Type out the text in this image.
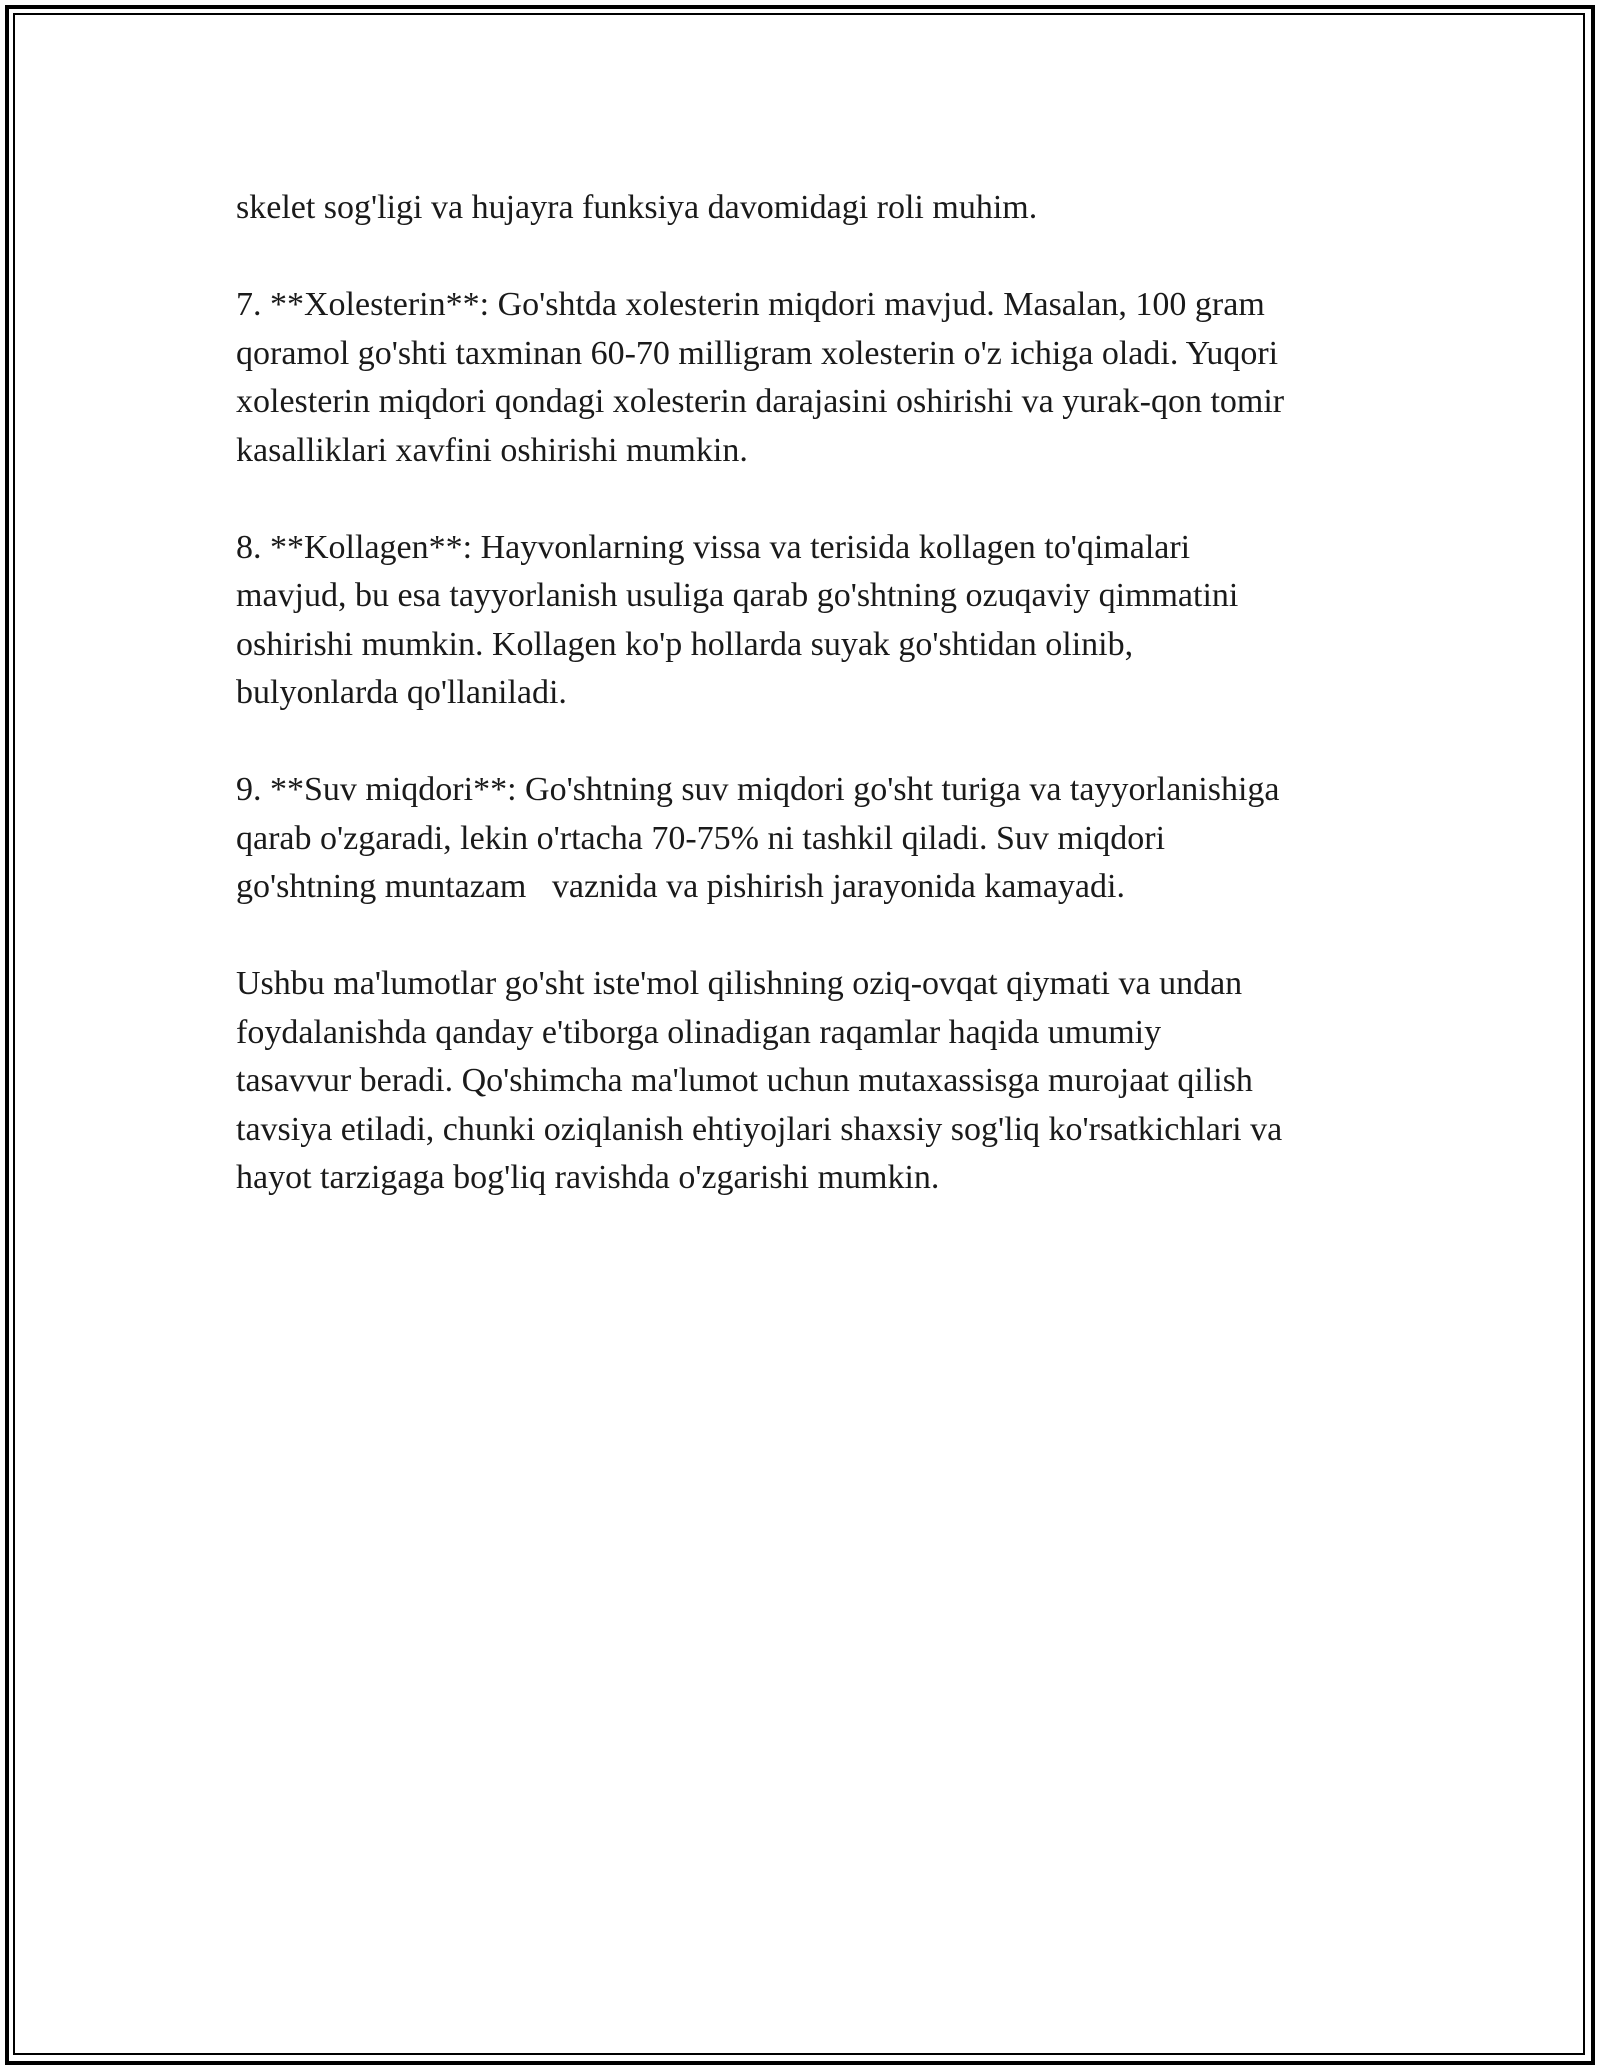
skelet sog'ligi va hujayra funksiya davomidagi roli muhim.

7. **Xolesterin**: Go'shtda xolesterin miqdori mavjud. Masalan, 100 gram
qoramol go'shti taxminan 60-70 milligram xolesterin o'z ichiga oladi. Yuqori
xolesterin miqdori qondagi xolesterin darajasini oshirishi va yurak-qon tomir
kasalliklari xavfini oshirishi mumkin.

8. **Kollagen**: Hayvonlarning vissa va terisida kollagen to'qimalari
mavjud, bu esa tayyorlanish usuliga qarab go'shtning ozuqaviy qimmatini
oshirishi mumkin. Kollagen ko'p hollarda suyak go'shtidan olinib,
bulyonlarda qo'llaniladi.

9. **Suv miqdori**: Go'shtning suv miqdori go'sht turiga va tayyorlanishiga
qarab o'zgaradi, lekin o'rtacha 70-75% ni tashkil qiladi. Suv miqdori
go'shtning muntazam   vaznida va pishirish jarayonida kamayadi.

Ushbu ma'lumotlar go'sht iste'mol qilishning oziq-ovqat qiymati va undan
foydalanishda qanday e'tiborga olinadigan raqamlar haqida umumiy
tasavvur beradi. Qo'shimcha ma'lumot uchun mutaxassisga murojaat qilish
tavsiya etiladi, chunki oziqlanish ehtiyojlari shaxsiy sog'liq ko'rsatkichlari va
hayot tarzigaga bog'liq ravishda o'zgarishi mumkin.
